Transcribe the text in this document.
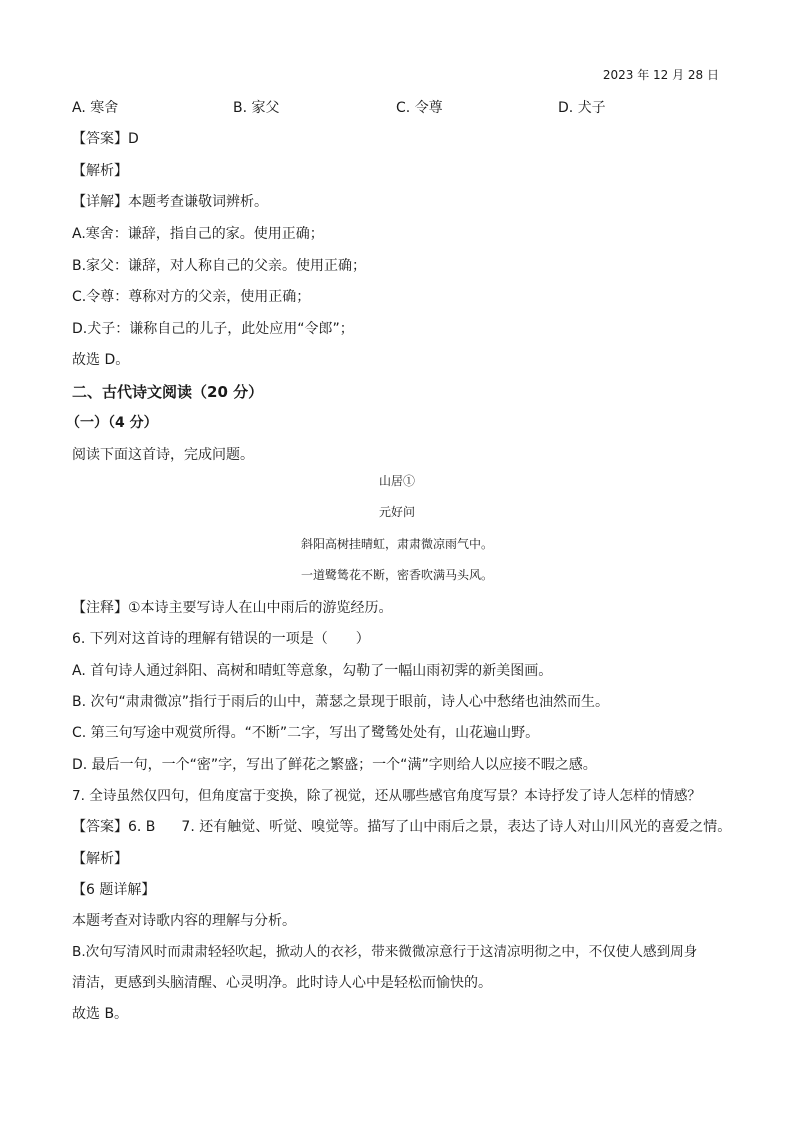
2023 年 12 月 28 日
A. 寒舍	B. 家父	C. 令尊	D. 犬子
【答案】D
【解析】
【详解】本题考查谦敬词辨析。
A.寒舍：谦辞，指自己的家。使用正确；
B.家父：谦辞，对人称自己的父亲。使用正确；
C.令尊：尊称对方的父亲，使用正确；
D.犬子：谦称自己的儿子，此处应用“令郎”；
故选 D。
二、古代诗文阅读（20 分）
（一）（4 分）
阅读下面这首诗，完成问题。
山居①
元好问
斜阳高树挂晴虹，肃肃微凉雨气中。
一道鹭鸶花不断，密香吹满马头风。
【注释】①本诗主要写诗人在山中雨后的游览经历。
6. 下列对这首诗的理解有错误的一项是（　　）
A. 首句诗人通过斜阳、高树和晴虹等意象，勾勒了一幅山雨初霁的新美图画。
B. 次句“肃肃微凉”指行于雨后的山中，萧瑟之景现于眼前，诗人心中愁绪也油然而生。
C. 第三句写途中观赏所得。“不断”二字，写出了鹭鸶处处有，山花遍山野。
D. 最后一句，一个“密”字，写出了鲜花之繁盛；一个“满”字则给人以应接不暇之感。
7. 全诗虽然仅四句，但角度富于变换，除了视觉，还从哪些感官角度写景？本诗抒发了诗人怎样的情感？
【答案】6. B 7. 还有触觉、听觉、嗅觉等。描写了山中雨后之景，表达了诗人对山川风光的喜爱之情。
【解析】
【6 题详解】
本题考查对诗歌内容的理解与分析。
B.次句写清风时而肃肃轻轻吹起，掀动人的衣衫，带来微微凉意行于这清凉明彻之中，不仅使人感到周身
清洁，更感到头脑清醒、心灵明净。此时诗人心中是轻松而愉快的。
故选 B。
